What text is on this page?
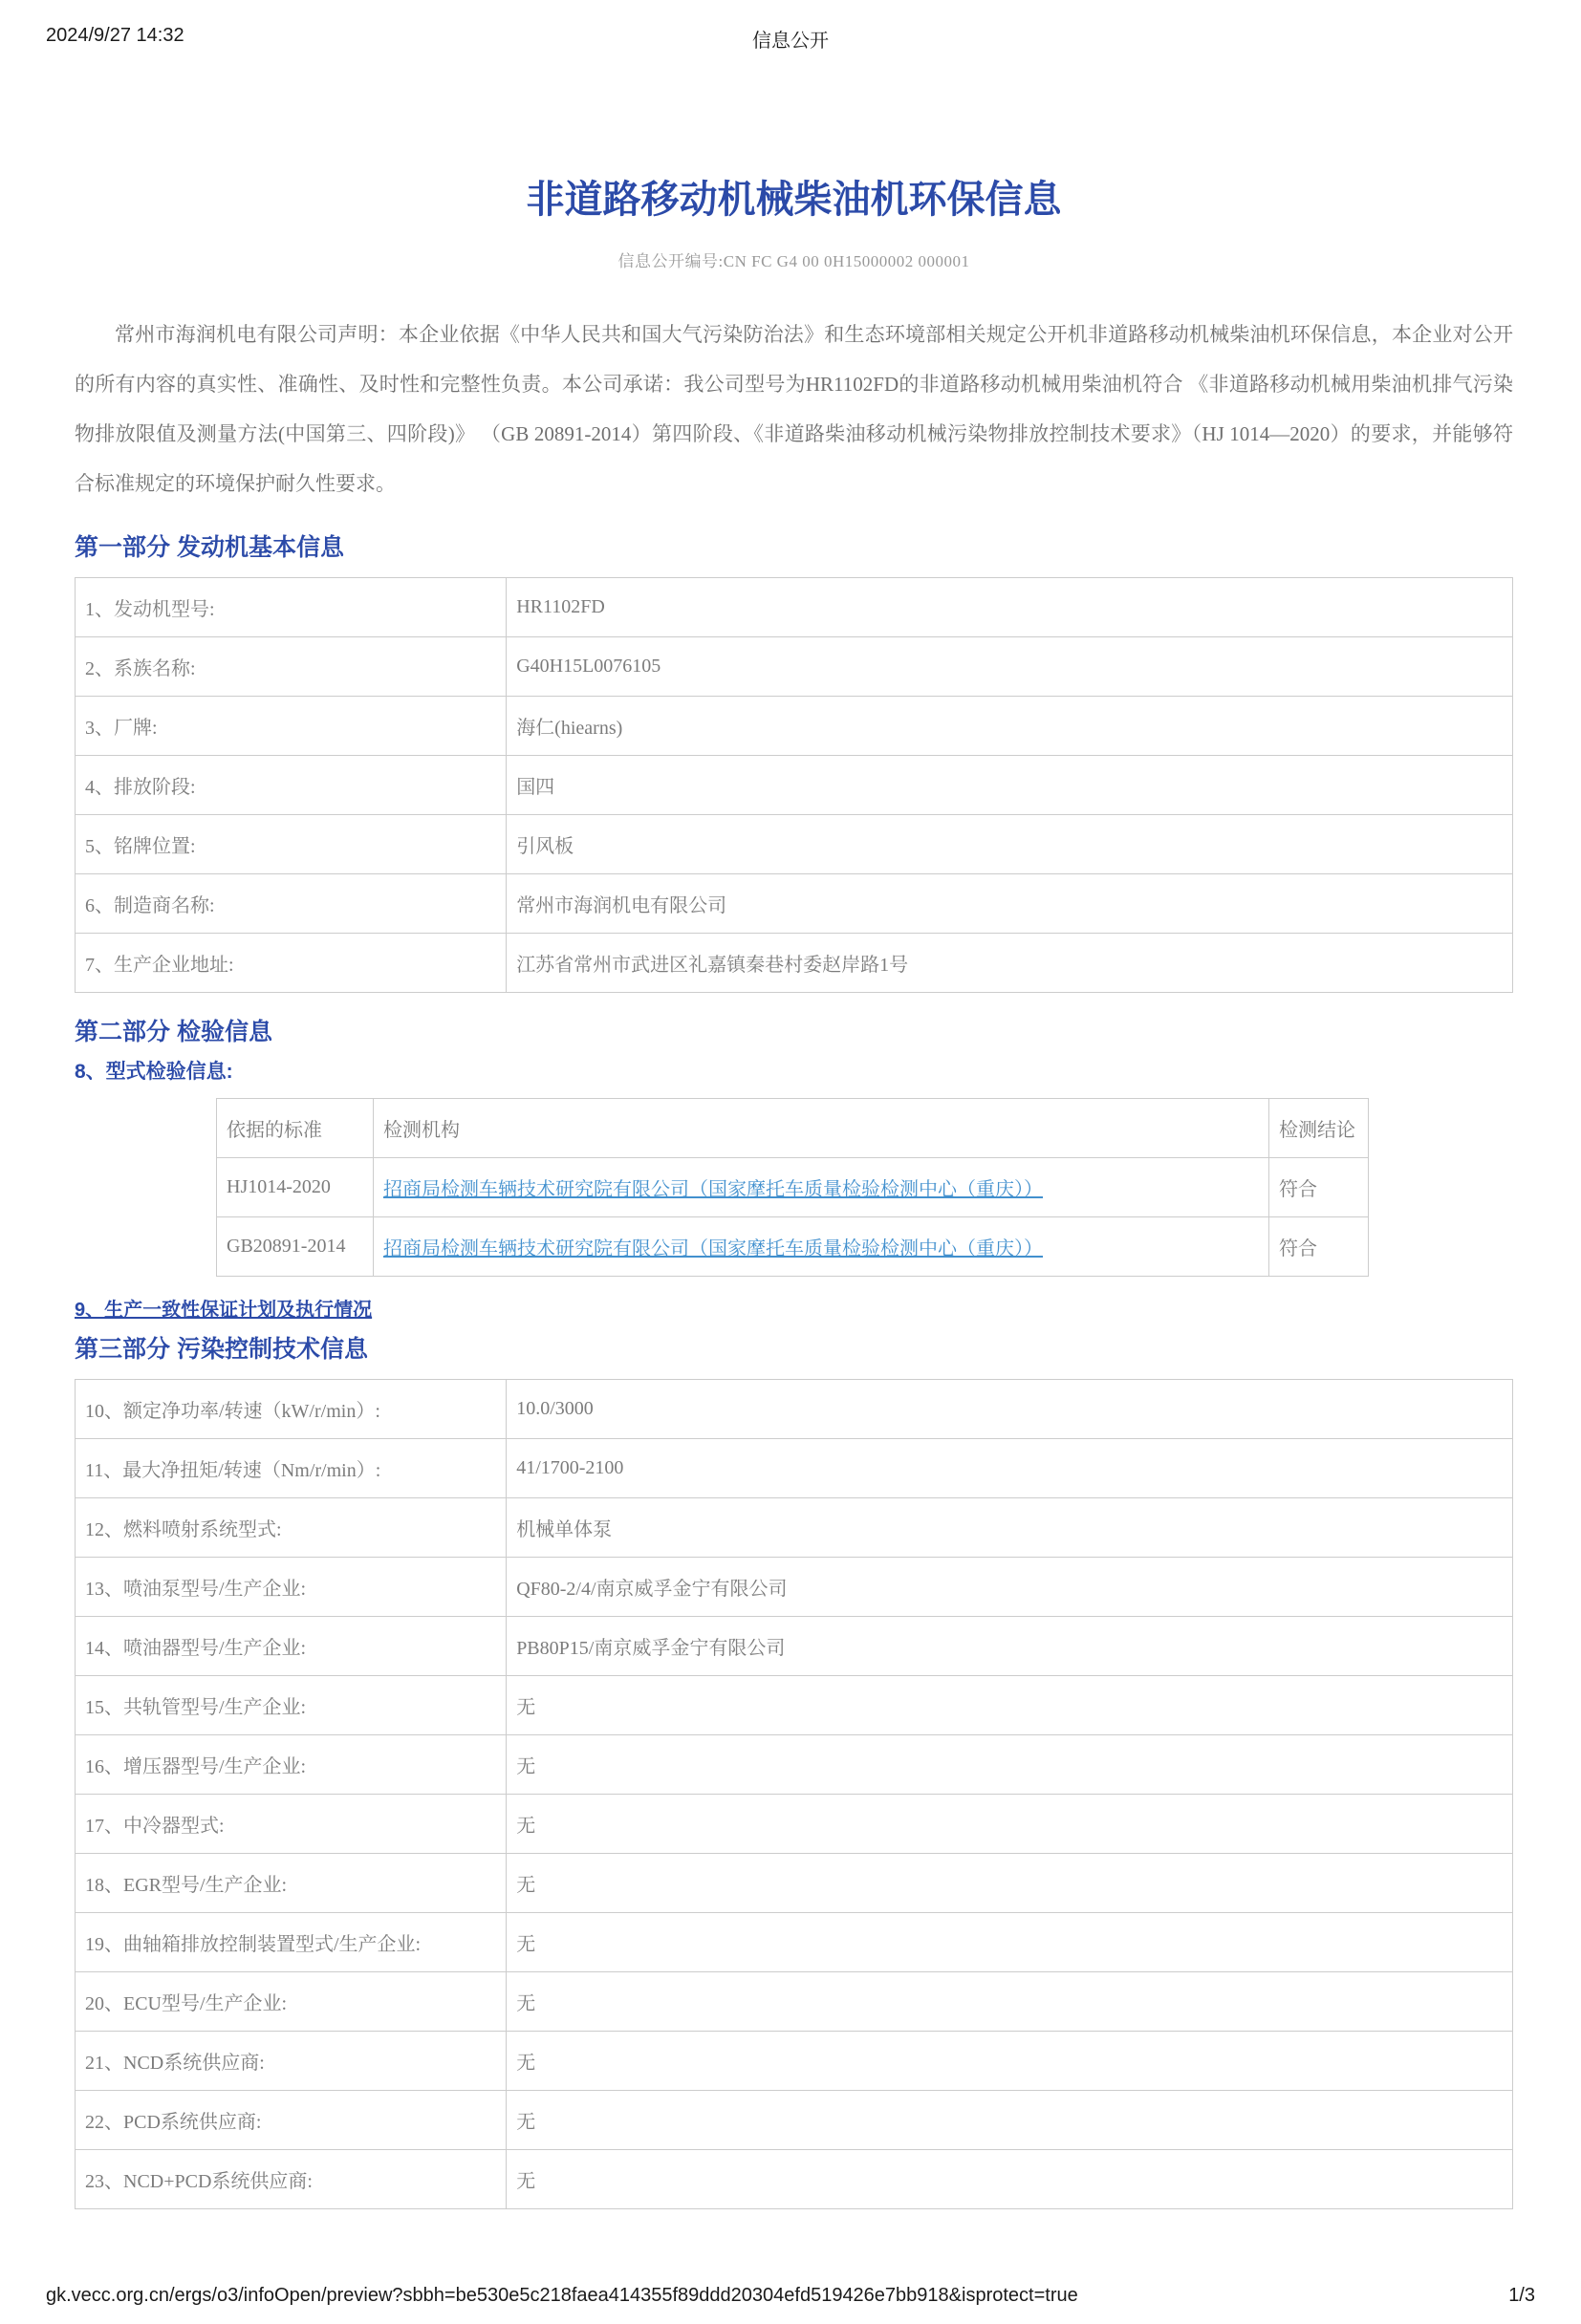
2024/9/27 14:32	信息公开
非道路移动机械柴油机环保信息

信息公开编号:CN FC G4 00 0H15000002 000001

常州市海润机电有限公司声明：本企业依据《中华人民共和国大气污染防治法》和生态环境部相关规定公开机非道路移动机械柴油机环保信息，本企业对公开的所有内容的真实性、准确性、及时性和完整性负责。本公司承诺：我公司型号为HR1102FD的非道路移动机械用柴油机符合 《非道路移动机械用柴油机排气污染物排放限值及测量方法(中国第三、四阶段)》 （GB 20891-2014）第四阶段、《非道路柴油移动机械污染物排放控制技术要求》（HJ 1014—2020）的要求，并能够符合标准规定的环境保护耐久性要求。

第一部分 发动机基本信息
1、发动机型号:	HR1102FD
2、系族名称:	G40H15L0076105
3、厂牌:	海仁(hiearns)
4、排放阶段:	国四
5、铭牌位置:	引风板
6、制造商名称:	常州市海润机电有限公司
7、生产企业地址:	江苏省常州市武进区礼嘉镇秦巷村委赵岸路1号
第二部分 检验信息
8、型式检验信息:
依据的标准	检测机构	检测结论
HJ1014-2020	招商局检测车辆技术研究院有限公司（国家摩托车质量检验检测中心（重庆））	符合
GB20891-2014	招商局检测车辆技术研究院有限公司（国家摩托车质量检验检测中心（重庆））	符合
9、生产一致性保证计划及执行情况
第三部分 污染控制技术信息
10、额定净功率/转速（kW/r/min）:	10.0/3000
11、最大净扭矩/转速（Nm/r/min）:	41/1700-2100
12、燃料喷射系统型式:	机械单体泵
13、喷油泵型号/生产企业:	QF80-2/4/南京威孚金宁有限公司
14、喷油器型号/生产企业:	PB80P15/南京威孚金宁有限公司
15、共轨管型号/生产企业:	无
16、增压器型号/生产企业:	无
17、中冷器型式:	无
18、EGR型号/生产企业:	无
19、曲轴箱排放控制装置型式/生产企业:	无
20、ECU型号/生产企业:	无
21、NCD系统供应商:	无
22、PCD系统供应商:	无
23、NCD+PCD系统供应商:	无
gk.vecc.org.cn/ergs/o3/infoOpen/preview?sbbh=be530e5c218faea414355f89ddd20304efd519426e7bb918&isprotect=true	1/3
